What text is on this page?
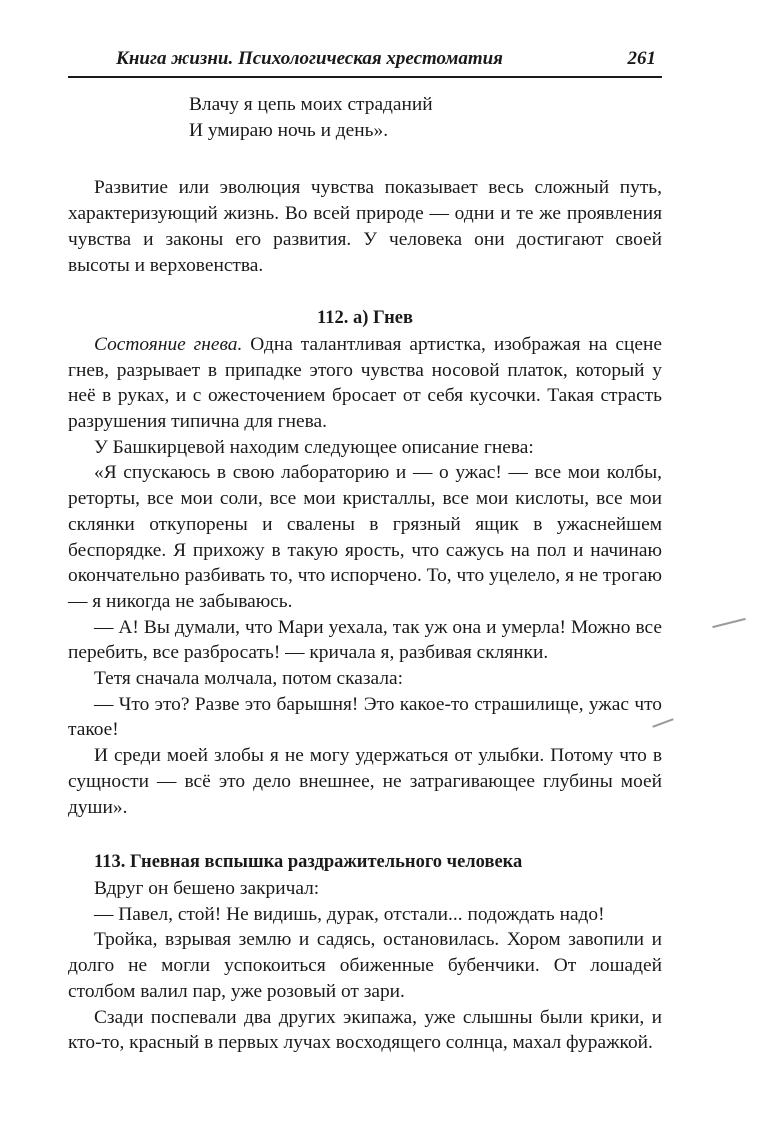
Книга жизни. Психологическая хрестоматия	261
Влачу я цепь моих страданий
И умираю ночь и день».

Развитие или эволюция чувства показывает весь сложный путь, характеризующий жизнь. Во всей природе — одни и те же проявления чувства и законы его развития. У человека они достигают своей высоты и верховенства.

112. а) Гнев

Состояние гнева. Одна талантливая артистка, изображая на сцене гнев, разрывает в припадке этого чувства носовой платок, который у неё в руках, и с ожесточением бросает от себя кусочки. Такая страсть разрушения типична для гнева.

У Башкирцевой находим следующее описание гнева:

«Я спускаюсь в свою лабораторию и — о ужас! — все мои колбы, реторты, все мои соли, все мои кристаллы, все мои кислоты, все мои склянки откупорены и свалены в грязный ящик в ужаснейшем беспорядке. Я прихожу в такую ярость, что сажусь на пол и начинаю окончательно разбивать то, что испорчено. То, что уцелело, я не трогаю — я никогда не забываюсь.

— А! Вы думали, что Мари уехала, так уж она и умерла! Можно все перебить, все разбросать! — кричала я, разбивая склянки.

Тетя сначала молчала, потом сказала:

— Что это? Разве это барышня! Это какое-то страшилище, ужас что такое!

И среди моей злобы я не могу удержаться от улыбки. Потому что в сущности — всё это дело внешнее, не затрагивающее глубины моей души».

113. Гневная вспышка раздражительного человека

Вдруг он бешено закричал:

— Павел, стой! Не видишь, дурак, отстали... подождать надо!

Тройка, взрывая землю и садясь, остановилась. Хором завопили и долго не могли успокоиться обиженные бубенчики. От лошадей столбом валил пар, уже розовый от зари.

Сзади поспевали два других экипажа, уже слышны были крики, и кто-то, красный в первых лучах восходящего солнца, махал фуражкой.
